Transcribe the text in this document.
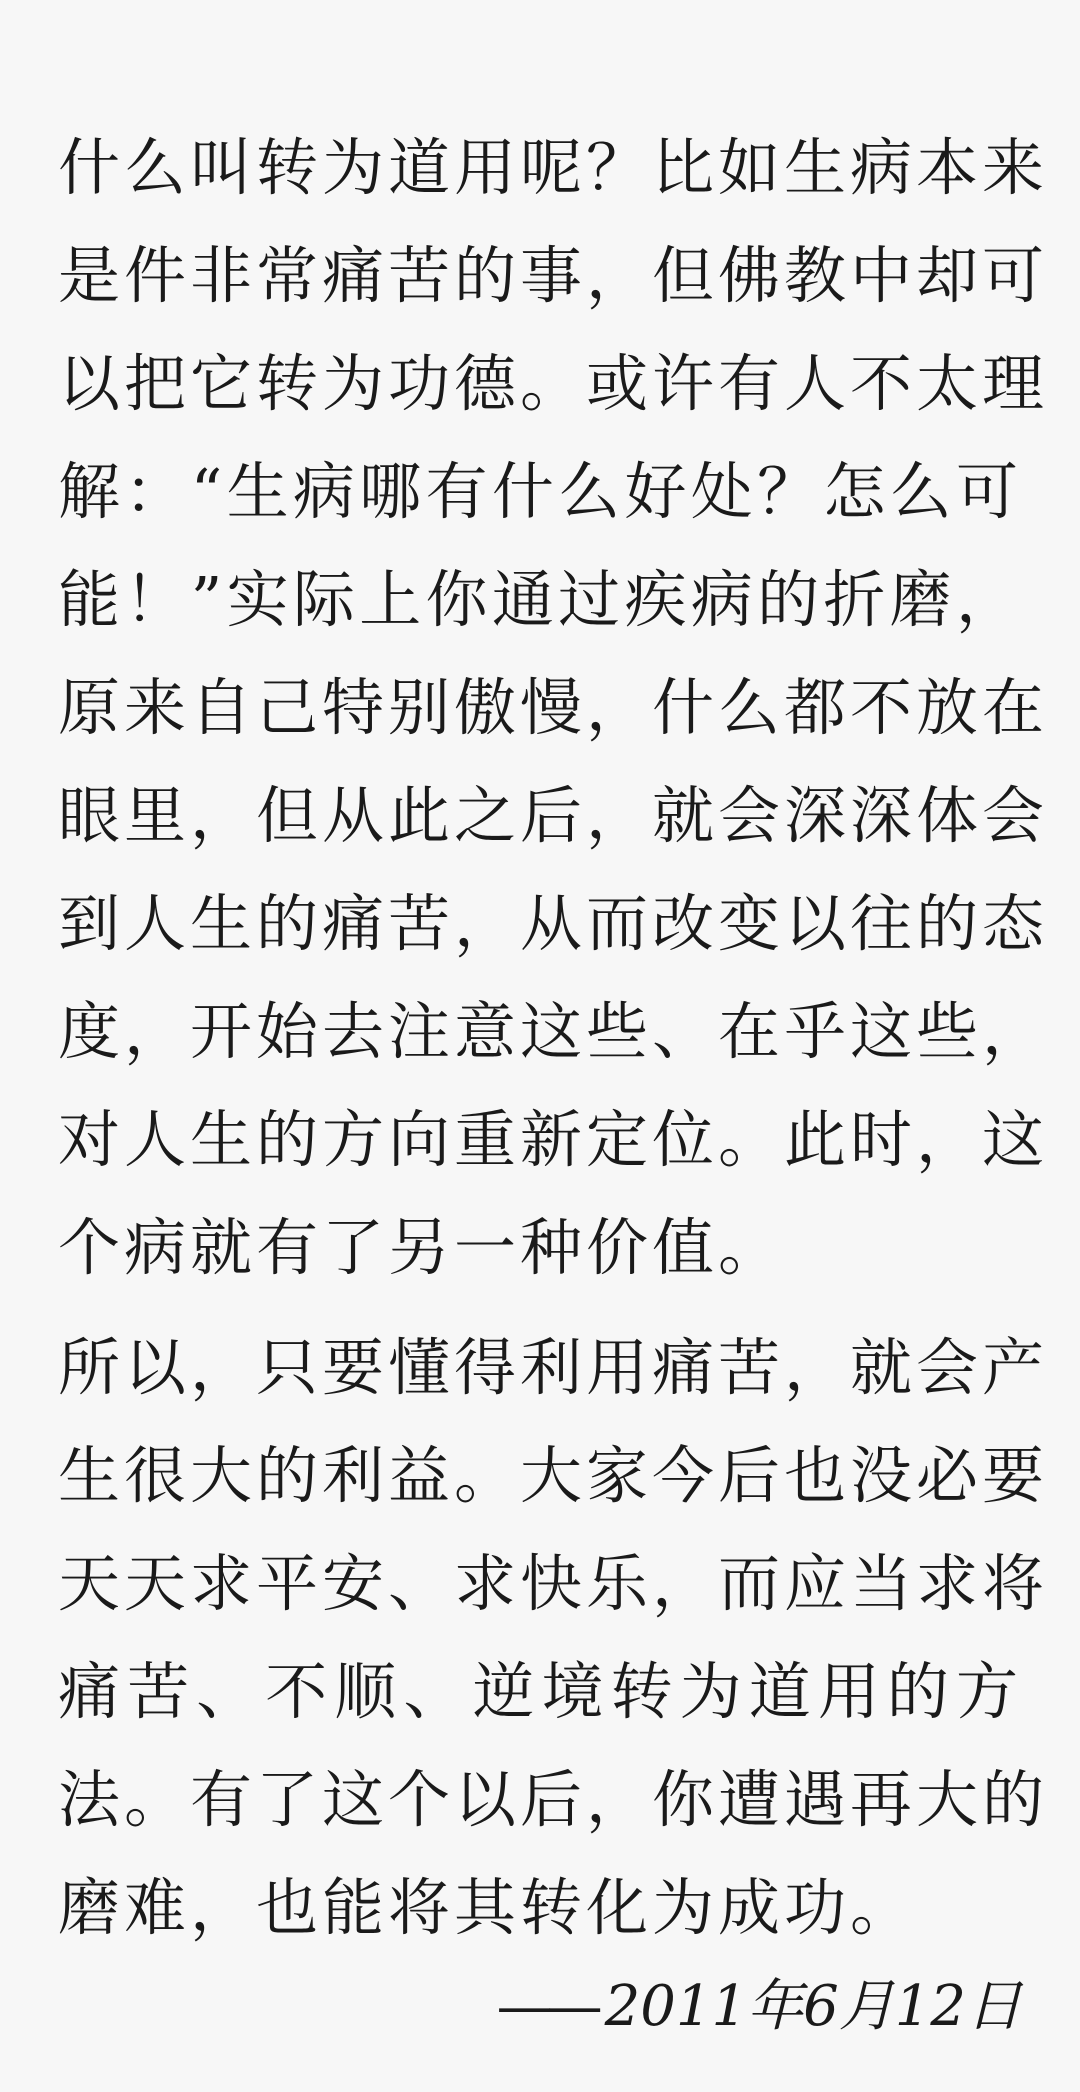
什么叫转为道用呢？比如生病本来
是件非常痛苦的事，但佛教中却可
以把它转为功德。或许有人不太理
解：“生病哪有什么好处？怎么可
能！”实际上你通过疾病的折磨，
原来自己特别傲慢，什么都不放在
眼里，但从此之后，就会深深体会
到人生的痛苦，从而改变以往的态
度，开始去注意这些、在乎这些，
对人生的方向重新定位。此时，这
个病就有了另一种价值。
所以，只要懂得利用痛苦，就会产
生很大的利益。大家今后也没必要
天天求平安、求快乐，而应当求将
痛苦、不顺、逆境转为道用的方
法。有了这个以后，你遭遇再大的
磨难，也能将其转化为成功。
—— 2011年6月12日
